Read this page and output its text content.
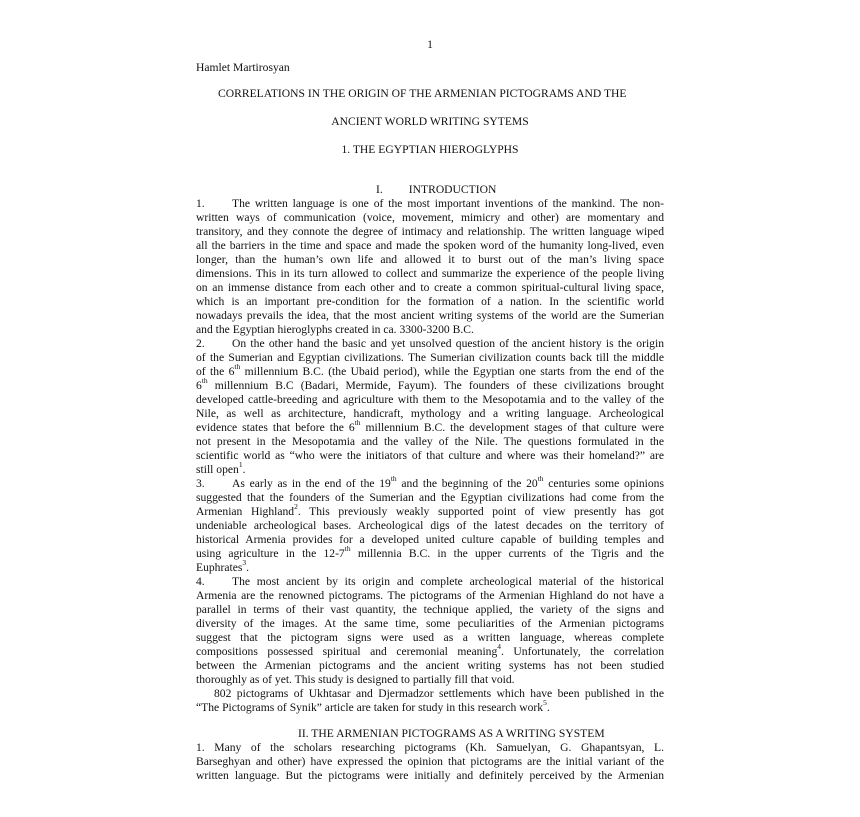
1
Hamlet Martirosyan
CORRELATIONS IN THE ORIGIN OF THE ARMENIAN PICTOGRAMS AND THE
ANCIENT WORLD WRITING SYTEMS
1. THE EGYPTIAN HIEROGLYPHS
I. INTRODUCTION
1. The written language is one of the most important inventions of the mankind. The non-
written ways of communication (voice, movement, mimicry and other) are momentary and
transitory, and they connote the degree of intimacy and relationship. The written language wiped
all the barriers in the time and space and made the spoken word of the humanity long-lived, even
longer, than the human’s own life and allowed it to burst out of the man’s living space
dimensions. This in its turn allowed to collect and summarize the experience of the people living
on an immense distance from each other and to create a common spiritual-cultural living space,
which is an important pre-condition for the formation of a nation. In the scientific world
nowadays prevails the idea, that the most ancient writing systems of the world are the Sumerian
and the Egyptian hieroglyphs created in ca. 3300-3200 B.C.
2. On the other hand the basic and yet unsolved question of the ancient history is the origin
of the Sumerian and Egyptian civilizations. The Sumerian civilization counts back till the middle
of the 6th millennium B.C. (the Ubaid period), while the Egyptian one starts from the end of the
6th millennium B.C (Badari, Mermide, Fayum). The founders of these civilizations brought
developed cattle-breeding and agriculture with them to the Mesopotamia and to the valley of the
Nile, as well as architecture, handicraft, mythology and a writing language. Archeological
evidence states that before the 6th millennium B.C. the development stages of that culture were
not present in the Mesopotamia and the valley of the Nile. The questions formulated in the
scientific world as “who were the initiators of that culture and where was their homeland?” are
still open$^1$.
3. As early as in the end of the 19th and the beginning of the 20th centuries some opinions
suggested that the founders of the Sumerian and the Egyptian civilizations had come from the
Armenian Highland$^2$. This previously weakly supported point of view presently has got
undeniable archeological bases. Archeological digs of the latest decades on the territory of
historical Armenia provides for a developed united culture capable of building temples and
using agriculture in the 12-7th millennia B.C. in the upper currents of the Tigris and the
Euphrates$^3$.
4. The most ancient by its origin and complete archeological material of the historical
Armenia are the renowned pictograms. The pictograms of the Armenian Highland do not have a
parallel in terms of their vast quantity, the technique applied, the variety of the signs and
diversity of the images. At the same time, some peculiarities of the Armenian pictograms
suggest that the pictogram signs were used as a written language, whereas complete
compositions possessed spiritual and ceremonial meaning$^4$. Unfortunately, the correlation
between the Armenian pictograms and the ancient writing systems has not been studied
thoroughly as of yet. This study is designed to partially fill that void.
802 pictograms of Ukhtasar and Djermadzor settlements which have been published in the
“The Pictograms of Synik” article are taken for study in this research work$^5$.
II. THE ARMENIAN PICTOGRAMS AS A WRITING SYSTEM
1. Many of the scholars researching pictograms (Kh. Samuelyan, G. Ghapantsyan, L.
Barseghyan and other) have expressed the opinion that pictograms are the initial variant of the
written language. But the pictograms were initially and definitely perceived by the Armenian
